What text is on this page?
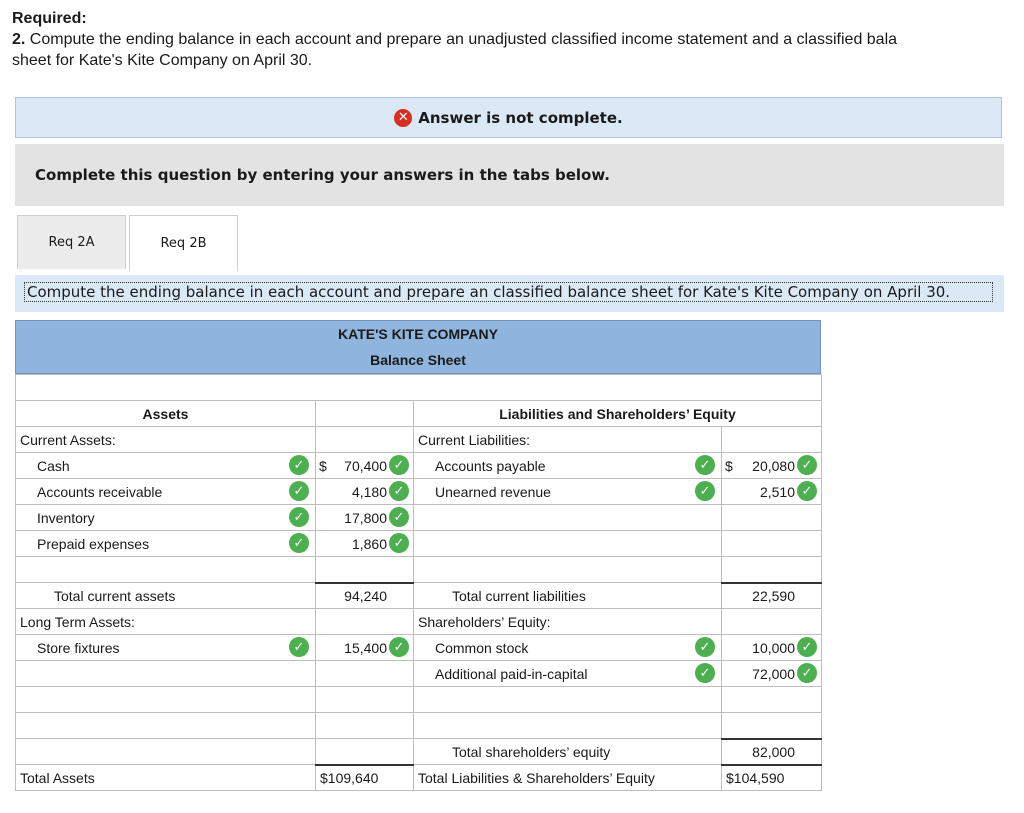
Required:
2. Compute the ending balance in each account and prepare an unadjusted classified income statement and a classified bala
sheet for Kate's Kite Company on April 30.
✕ Answer is not complete.
Complete this question by entering your answers in the tabs below.
Req 2A	Req 2B
Compute the ending balance in each account and prepare an classified balance sheet for Kate's Kite Company on April 30.
KATE'S KITE COMPANY
Balance Sheet

Assets		Liabilities and Shareholders’ Equity	
Current Assets:		Current Liabilities:	
Cash ✓	$ 70,400 ✓	Accounts payable ✓	$ 20,080 ✓

Accounts receivable ✓	4,180 ✓	Unearned revenue ✓	2,510 ✓

Inventory ✓	17,800 ✓		

Prepaid expenses ✓	1,860 ✓		

Total current assets	94,240	Total current liabilities	22,590
Long Term Assets:		Shareholders’ Equity:	
Store fixtures ✓	15,400 ✓	Common stock ✓	10,000 ✓

		Additional paid-in-capital ✓	72,000 ✓

		Total shareholders’ equity	82,000
Total Assets	$109,640	Total Liabilities & Shareholders’ Equity	$104,590
